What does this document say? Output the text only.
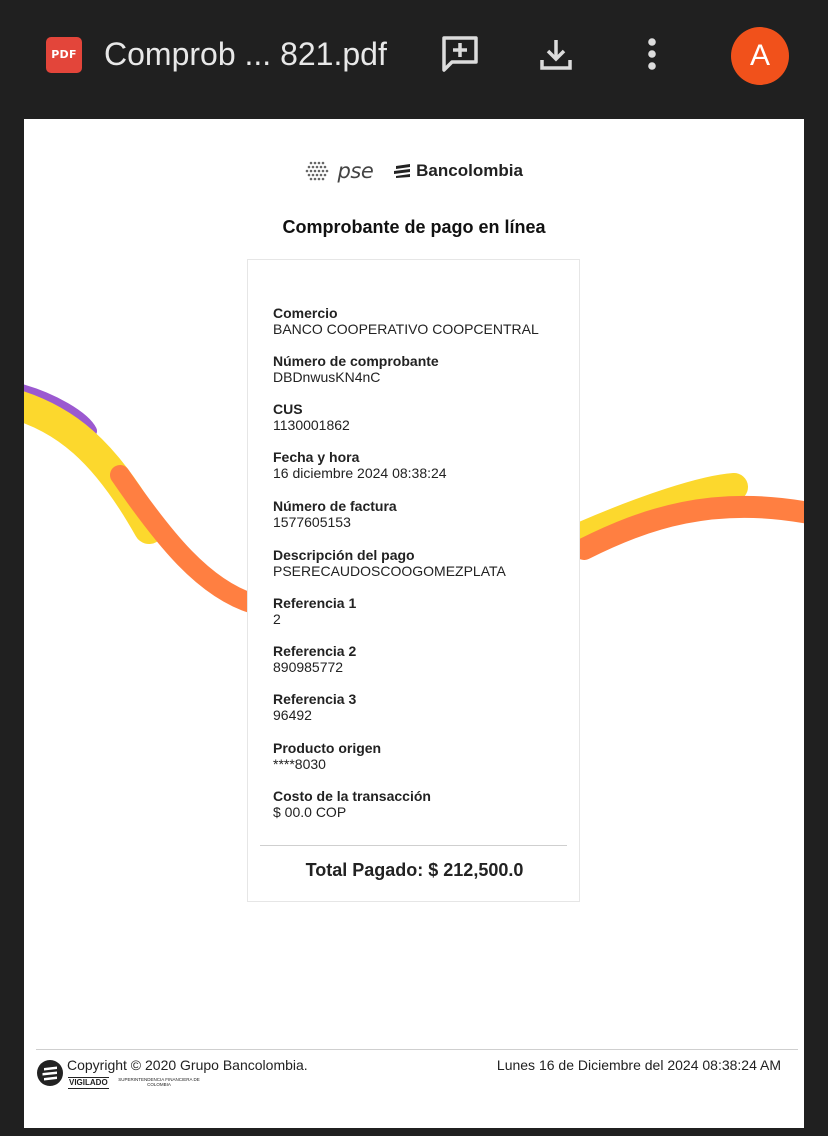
PDF Comprob ... 821.pdf	A
pse	Bancolombia
Comprobante de pago en línea
Comercio
BANCO COOPERATIVO COOPCENTRAL
Número de comprobante
DBDnwusKN4nC
CUS
1130001862
Fecha y hora
16 diciembre 2024 08:38:24
Número de factura
1577605153
Descripción del pago
PSERECAUDOSCOOGOMEZPLATA
Referencia 1
2
Referencia 2
890985772
Referencia 3
96492
Producto origen
****8030
Costo de la transacción
$ 00.0 COP
Total Pagado: $ 212,500.0
Copyright © 2020 Grupo Bancolombia.
VIGILADO SUPERINTENDENCIA FINANCIERA DE COLOMBIA
Lunes 16 de Diciembre del 2024 08:38:24 AM
